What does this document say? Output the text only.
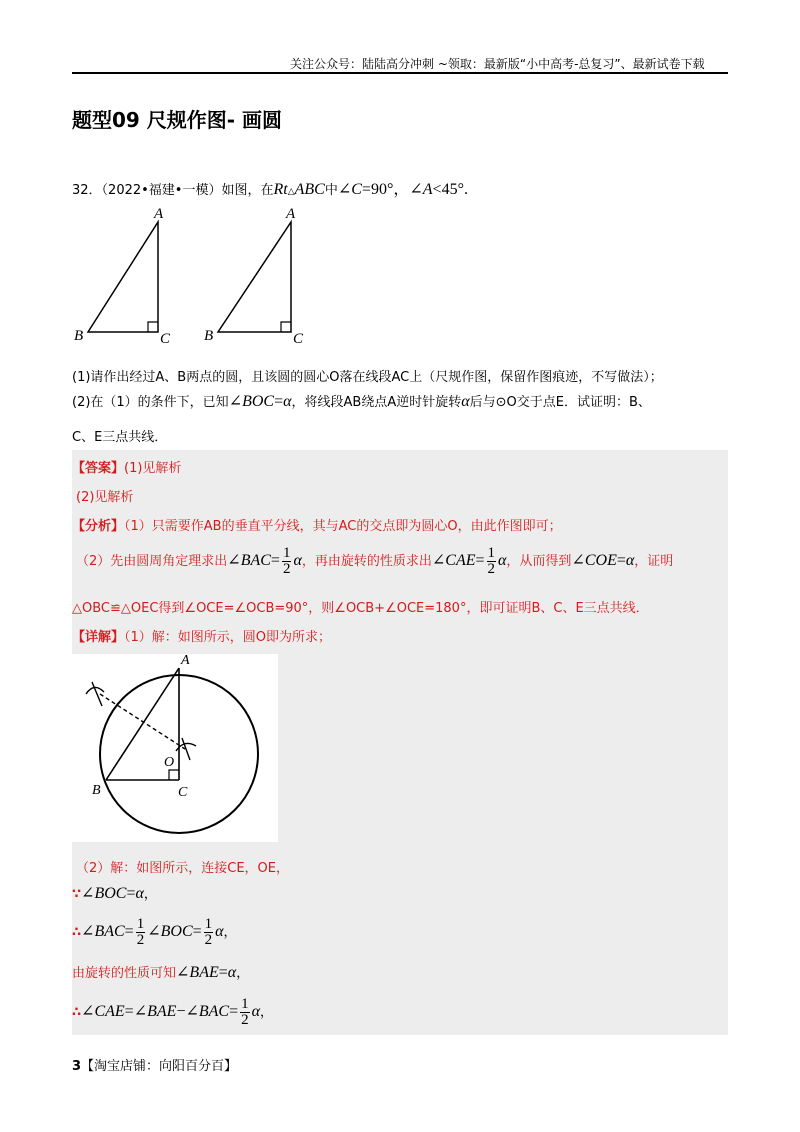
关注公众号：陆陆高分冲刺 ~领取：最新版“小中高考-总复习”、最新试卷下载
题型09 尺规作图- 画圆
32．（2022•福建•一模）如图，在Rt△ABC中∠C=90°，∠A<45°.
A
B	C
A
B	C
(1)请作出经过A、B两点的圆，且该圆的圆心O落在线段AC上（尺规作图，保留作图痕迹，不写做法）；
(2)在（1）的条件下，已知∠BOC=α，将线段AB绕点A逆时针旋转α后与⊙O交于点E．试证明：B、
C、E三点共线．
【答案】(1)见解析
(2)见解析
【分析】（1）只需要作AB的垂直平分线，其与AC的交点即为圆心O，由此作图即可；
（2）先由圆周角定理求出∠BAC= $\frac{1}{2}$ α，再由旋转的性质求出∠CAE= $\frac{1}{2}$ α，从而得到∠COE=α，证明
△OBC≌△OEC得到∠OCE=∠OCB=90°，则∠OCB+∠OCE=180°，即可证明B、C、E三点共线．
【详解】（1）解：如图所示，圆O即为所求；
A
O
B	C
（2）解：如图所示，连接CE，OE，
∵∠BOC=α，
∴∠BAC= $\frac{1}{2}$ ∠BOC= $\frac{1}{2}$ α，
由旋转的性质可知∠BAE=α，
∴∠CAE=∠BAE−∠BAC= $\frac{1}{2}$ α，
3【淘宝店铺：向阳百分百】
